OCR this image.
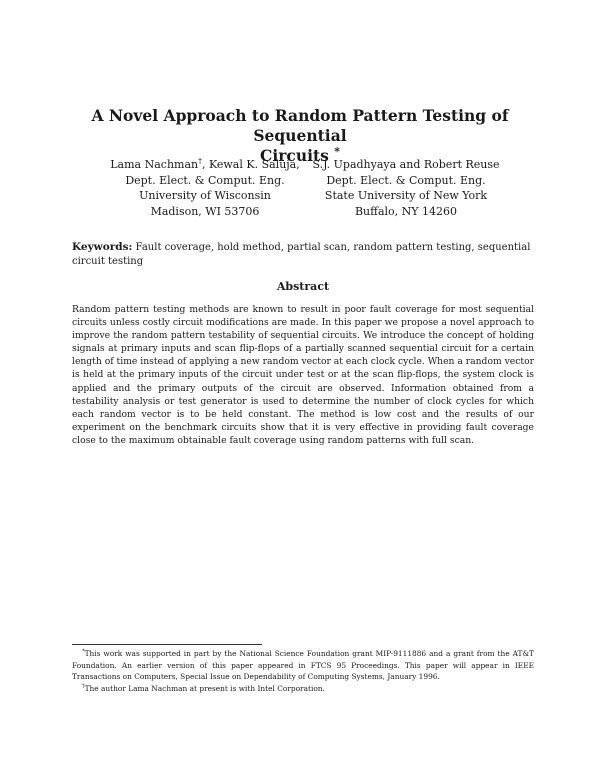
A Novel Approach to Random Pattern Testing of Sequential
Circuits *
Lama Nachman†, Kewal K. Saluja,
Dept. Elect. & Comput. Eng.
University of Wisconsin
Madison, WI 53706
S.J. Upadhyaya and Robert Reuse
Dept. Elect. & Comput. Eng.
State University of New York
Buffalo, NY 14260
Keywords: Fault coverage, hold method, partial scan, random pattern testing, sequential circuit testing
Abstract
Random pattern testing methods are known to result in poor fault coverage for most sequential circuits unless costly circuit modifications are made. In this paper we propose a novel approach to improve the random pattern testability of sequential circuits. We introduce the concept of holding signals at primary inputs and scan flip-flops of a partially scanned sequential circuit for a certain length of time instead of applying a new random vector at each clock cycle. When a random vector is held at the primary inputs of the circuit under test or at the scan flip-flops, the system clock is applied and the primary outputs of the circuit are observed. Information obtained from a testability analysis or test generator is used to determine the number of clock cycles for which each random vector is to be held constant. The method is low cost and the results of our experiment on the benchmark circuits show that it is very effective in providing fault coverage close to the maximum obtainable fault coverage using random patterns with full scan.

*This work was supported in part by the National Science Foundation grant MIP-9111886 and a grant from the AT&T Foundation. An earlier version of this paper appeared in FTCS 95 Proceedings. This paper will appear in IEEE Transactions on Computers, Special Issue on Dependability of Computing Systems, January 1996.

†The author Lama Nachman at present is with Intel Corporation.
